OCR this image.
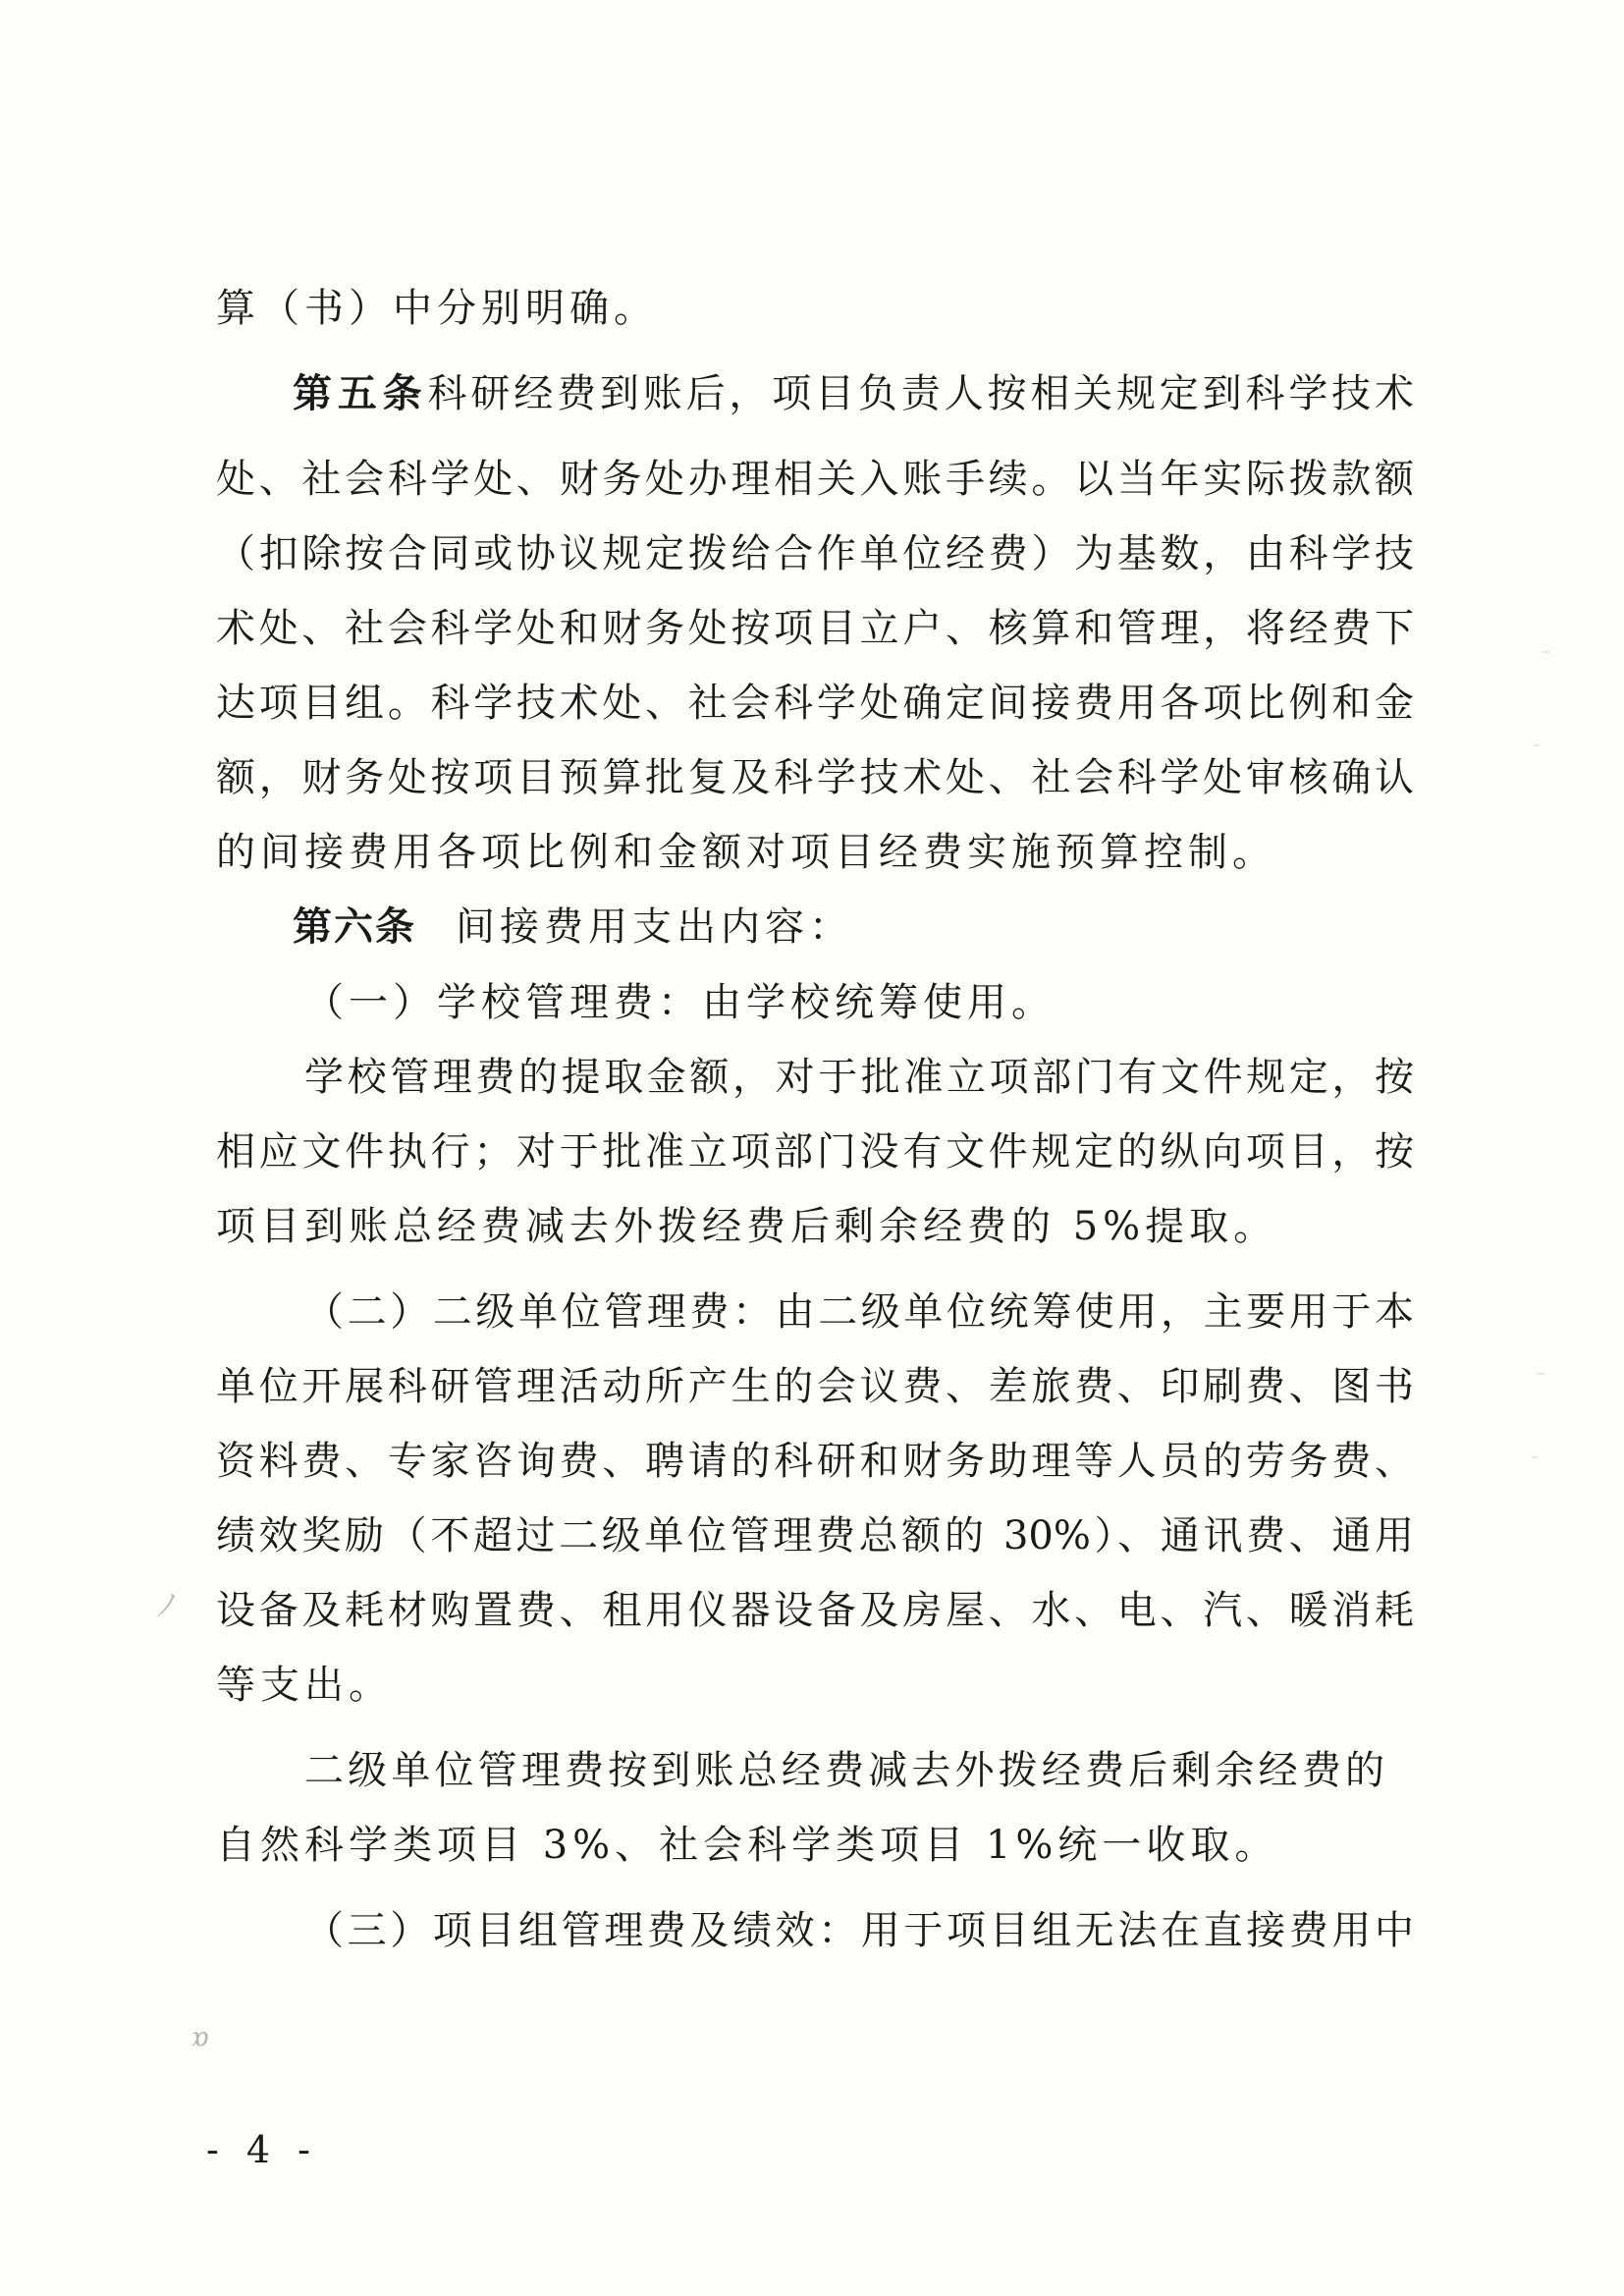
算（书）中分别明确。
第五条科研经费到账后，项目负责人按相关规定到科学技术
处、社会科学处、财务处办理相关入账手续。以当年实际拨款额
（扣除按合同或协议规定拨给合作单位经费）为基数，由科学技
术处、社会科学处和财务处按项目立户、核算和管理，将经费下
达项目组。科学技术处、社会科学处确定间接费用各项比例和金
额，财务处按项目预算批复及科学技术处、社会科学处审核确认
的间接费用各项比例和金额对项目经费实施预算控制。
第六条 间接费用支出内容：
（一）学校管理费：由学校统筹使用。
学校管理费的提取金额，对于批准立项部门有文件规定，按
相应文件执行；对于批准立项部门没有文件规定的纵向项目，按
项目到账总经费减去外拨经费后剩余经费的 5%提取。
（二）二级单位管理费：由二级单位统筹使用，主要用于本
单位开展科研管理活动所产生的会议费、差旅费、印刷费、图书
资料费、专家咨询费、聘请的科研和财务助理等人员的劳务费、
绩效奖励（不超过二级单位管理费总额的 30%）、通讯费、通用
设备及耗材购置费、租用仪器设备及房屋、水、电、汽、暖消耗
等支出。
二级单位管理费按到账总经费减去外拨经费后剩余经费的
自然科学类项目 3%、社会科学类项目 1%统一收取。
（三）项目组管理费及绩效：用于项目组无法在直接费用中
ﾉ
ɒ
- 4 -
